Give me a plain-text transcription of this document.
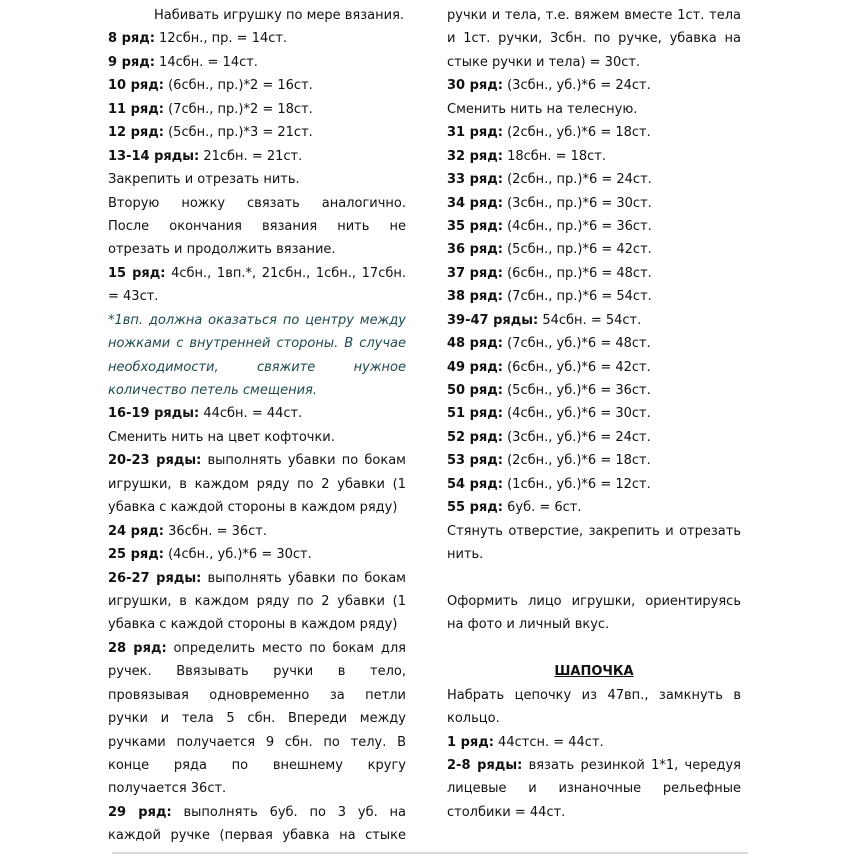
Набивать игрушку по мере вязания.
8 ряд: 12сбн., пр. = 14ст.
9 ряд: 14сбн. = 14ст.
10 ряд: (6сбн., пр.)*2 = 16ст.
11 ряд: (7сбн., пр.)*2 = 18ст.
12 ряд: (5сбн., пр.)*3 = 21ст.
13-14 ряды: 21сбн. = 21ст.
Закрепить и отрезать нить.
Вторую ножку связать аналогично.
После окончания вязания нить не
отрезать и продолжить вязание.
15 ряд: 4сбн., 1вп.*, 21сбн., 1сбн., 17сбн.
= 43ст.
*1вп. должна оказаться по центру между
ножками с внутренней стороны. В случае
необходимости, свяжите нужное
количество петель смещения.
16-19 ряды: 44сбн. = 44ст.
Сменить нить на цвет кофточки.
20-23 ряды: выполнять убавки по бокам
игрушки, в каждом ряду по 2 убавки (1
убавка с каждой стороны в каждом ряду)
24 ряд: 36сбн. = 36ст.
25 ряд: (4сбн., уб.)*6 = 30ст.
26-27 ряды: выполнять убавки по бокам
игрушки, в каждом ряду по 2 убавки (1
убавка с каждой стороны в каждом ряду)
28 ряд: определить место по бокам для
ручек. Ввязывать ручки в тело,
провязывая одновременно за петли
ручки и тела 5 сбн. Впереди между
ручками получается 9 сбн. по телу. В
конце ряда по внешнему кругу
получается 36ст.
29 ряд: выполнять 6уб. по 3 уб. на
каждой ручке (первая убавка на стыке
ручки и тела, т.е. вяжем вместе 1ст. тела
и 1ст. ручки, 3сбн. по ручке, убавка на
стыке ручки и тела) = 30ст.
30 ряд: (3сбн., уб.)*6 = 24ст.
Сменить нить на телесную.
31 ряд: (2сбн., уб.)*6 = 18ст.
32 ряд: 18сбн. = 18ст.
33 ряд: (2сбн., пр.)*6 = 24ст.
34 ряд: (3сбн., пр.)*6 = 30ст.
35 ряд: (4сбн., пр.)*6 = 36ст.
36 ряд: (5сбн., пр.)*6 = 42ст.
37 ряд: (6сбн., пр.)*6 = 48ст.
38 ряд: (7сбн., пр.)*6 = 54ст.
39-47 ряды: 54сбн. = 54ст.
48 ряд: (7сбн., уб.)*6 = 48ст.
49 ряд: (6сбн., уб.)*6 = 42ст.
50 ряд: (5сбн., уб.)*6 = 36ст.
51 ряд: (4сбн., уб.)*6 = 30ст.
52 ряд: (3сбн., уб.)*6 = 24ст.
53 ряд: (2сбн., уб.)*6 = 18ст.
54 ряд: (1сбн., уб.)*6 = 12ст.
55 ряд: 6уб. = 6ст.
Стянуть отверстие, закрепить и отрезать
нить.
Оформить лицо игрушки, ориентируясь
на фото и личный вкус.
ШАПОЧКА
Набрать цепочку из 47вп., замкнуть в
кольцо.
1 ряд: 44стсн. = 44ст.
2-8 ряды: вязать резинкой 1*1, чередуя
лицевые и изнаночные рельефные
столбики = 44ст.
